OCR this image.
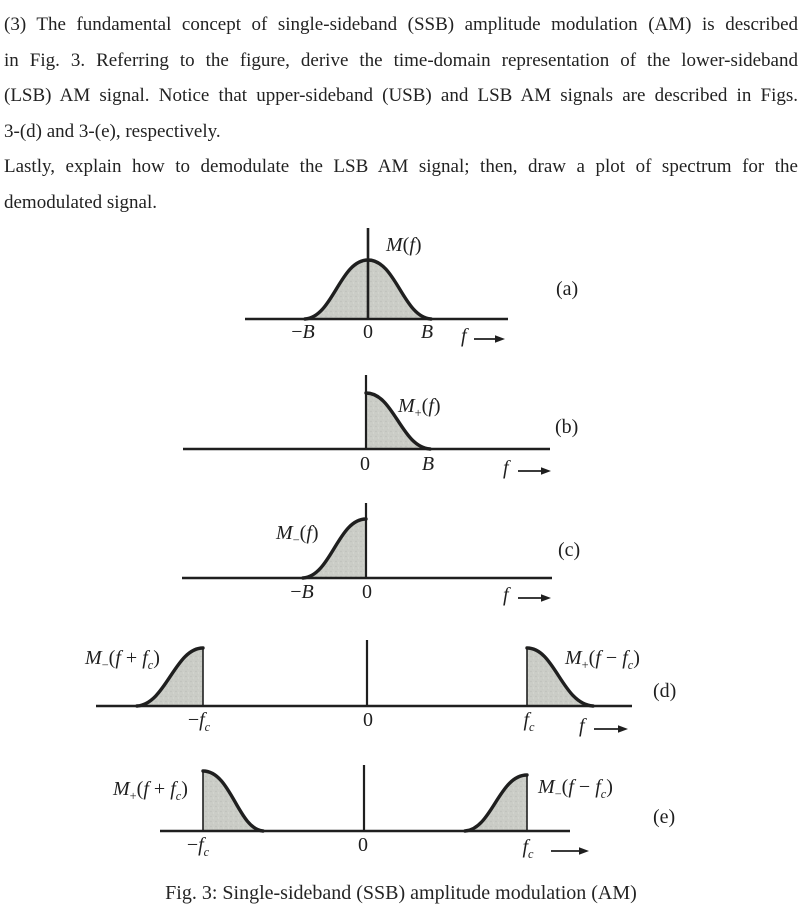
(3) The fundamental concept of single-sideband (SSB) amplitude modulation (AM) is described
in Fig. 3. Referring to the figure, derive the time-domain representation of the lower-sideband
(LSB) AM signal. Notice that upper-sideband (USB) and LSB AM signals are described in Figs.
3-(d) and 3-(e), respectively.
Lastly, explain how to demodulate the LSB AM signal; then, draw a plot of spectrum for the
demodulated signal.
M(f)
−B 0 B f
(a)
$M_+(f)$
0	B	f
(b)
$M_-(f)$
−B 0	f
(c)
$M_-(f + f_c)$	$M_+(f - f_c)$
$-f_c$	0	$f_c$ f
(d)
$M_+(f + f_c)$	$M_-(f - f_c)$
$-f_c$	0	$f_c$
(e)
Fig. 3: Single-sideband (SSB) amplitude modulation (AM)
